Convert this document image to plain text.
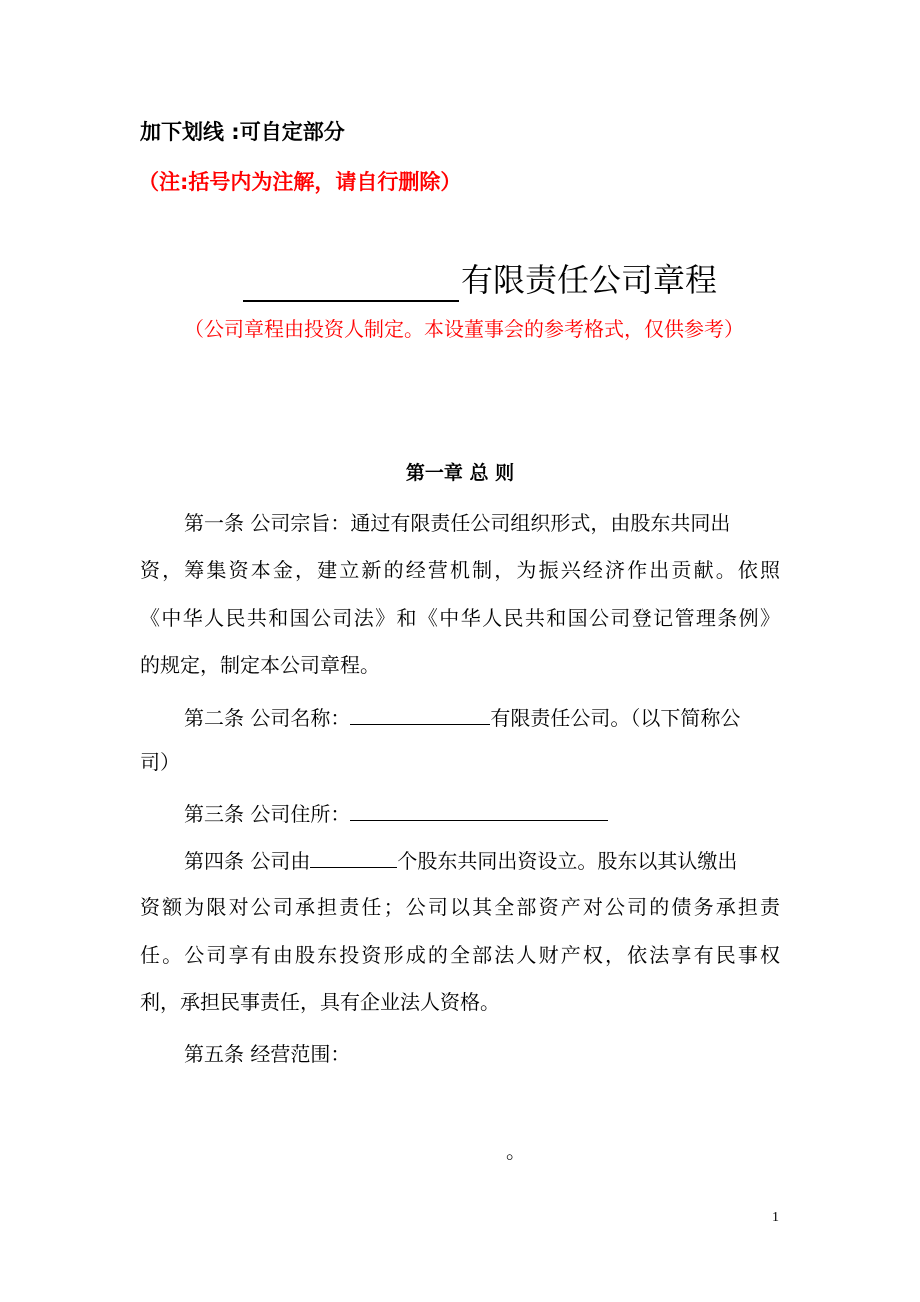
加下划线 :可自定部分
（注:括号内为注解，请自行删除）
有限责任公司章程
（公司章程由投资人制定。本设董事会的参考格式，仅供参考）
第一章 总 则
第一条 公司宗旨：通过有限责任公司组织形式，由股东共同出
资，筹集资本金，建立新的经营机制，为振兴经济作出贡献。依照
《中华人民共和国公司法》和《中华人民共和国公司登记管理条例》
的规定，制定本公司章程。
第二条 公司名称：	有限责任公司。（以下简称公
司）
第三条 公司住所：
第四条 公司由	个股东共同出资设立。股东以其认缴出
资额为限对公司承担责任；公司以其全部资产对公司的债务承担责
任。公司享有由股东投资形成的全部法人财产权，依法享有民事权
利，承担民事责任，具有企业法人资格。
第五条 经营范围：
。
1
